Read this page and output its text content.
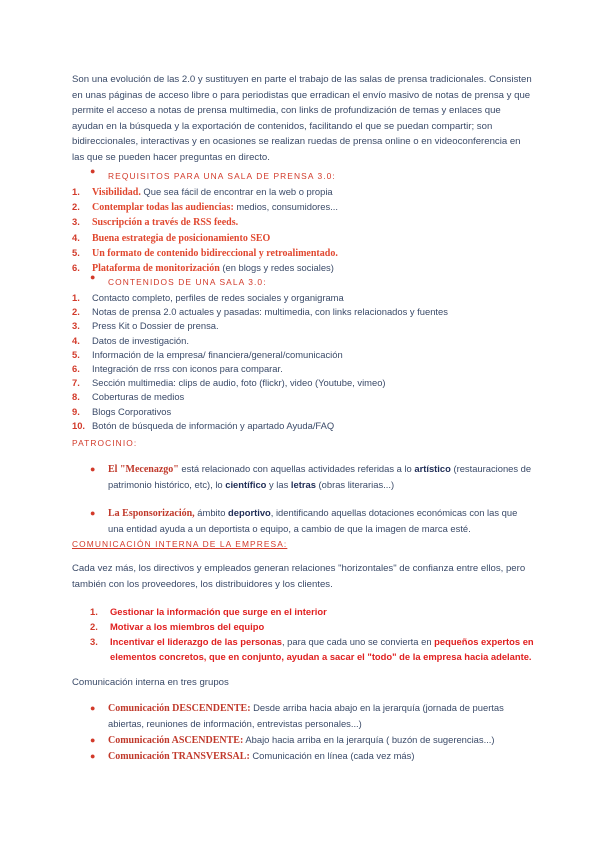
Son una evolución de las 2.0 y sustituyen en parte el trabajo de las salas de prensa tradicionales. Consisten en unas páginas de acceso libre o para periodistas que erradican el envío masivo de notas de prensa y que permite el acceso a notas de prensa multimedia, con links de profundización de temas y enlaces que ayudan en la búsqueda y la exportación de contenidos, facilitando el que se puedan compartir; son bidireccionales, interactivas y en ocasiones se realizan ruedas de prensa online o en videoconferencia en las que se pueden hacer preguntas en directo.

● REQUISITOS PARA UNA SALA DE PRENSA 3.0:
1. Visibilidad. Que sea fácil de encontrar en la web o propia
2. Contemplar todas las audiencias: medios, consumidores...
3. Suscripción a través de RSS feeds.
4. Buena estrategia de posicionamiento SEO
5. Un formato de contenido bidireccional y retroalimentado.
6. Plataforma de monitorización (en blogs y redes sociales)
● CONTENIDOS DE UNA SALA 3.0:
1. Contacto completo, perfiles de redes sociales y organigrama
2. Notas de prensa 2.0 actuales y pasadas: multimedia, con links relacionados y fuentes
3. Press Kit o Dossier de prensa.
4. Datos de investigación.
5. Información de la empresa/ financiera/general/comunicación
6. Integración de rrss con iconos para comparar.
7. Sección multimedia: clips de audio, foto (flickr), video (Youtube, vimeo)
8. Coberturas de medios
9. Blogs Corporativos
10. Botón de búsqueda de información y apartado Ayuda/FAQ
PATROCINIO:
● El "Mecenazgo" está relacionado con aquellas actividades referidas a lo artístico (restauraciones de patrimonio histórico, etc), lo científico y las letras (obras literarias...)
● La Esponsorización, ámbito deportivo, identificando aquellas dotaciones económicas con las que una entidad ayuda a un deportista o equipo, a cambio de que la imagen de marca esté.
COMUNICACIÓN INTERNA DE LA EMPRESA:

Cada vez más, los directivos y empleados generan relaciones "horizontales" de confianza entre ellos, pero también con los proveedores, los distribuidores y los clientes.

1. Gestionar la información que surge en el interior
2. Motivar a los miembros del equipo
3. Incentivar el liderazgo de las personas, para que cada uno se convierta en pequeños expertos en elementos concretos, que en conjunto, ayudan a sacar el "todo" de la empresa hacia adelante.

Comunicación interna en tres grupos

● Comunicación DESCENDENTE: Desde arriba hacia abajo en la jerarquía (jornada de puertas abiertas, reuniones de información, entrevistas personales...)
● Comunicación ASCENDENTE: Abajo hacia arriba en la jerarquía ( buzón de sugerencias...)
● Comunicación TRANSVERSAL: Comunicación en línea (cada vez más)
